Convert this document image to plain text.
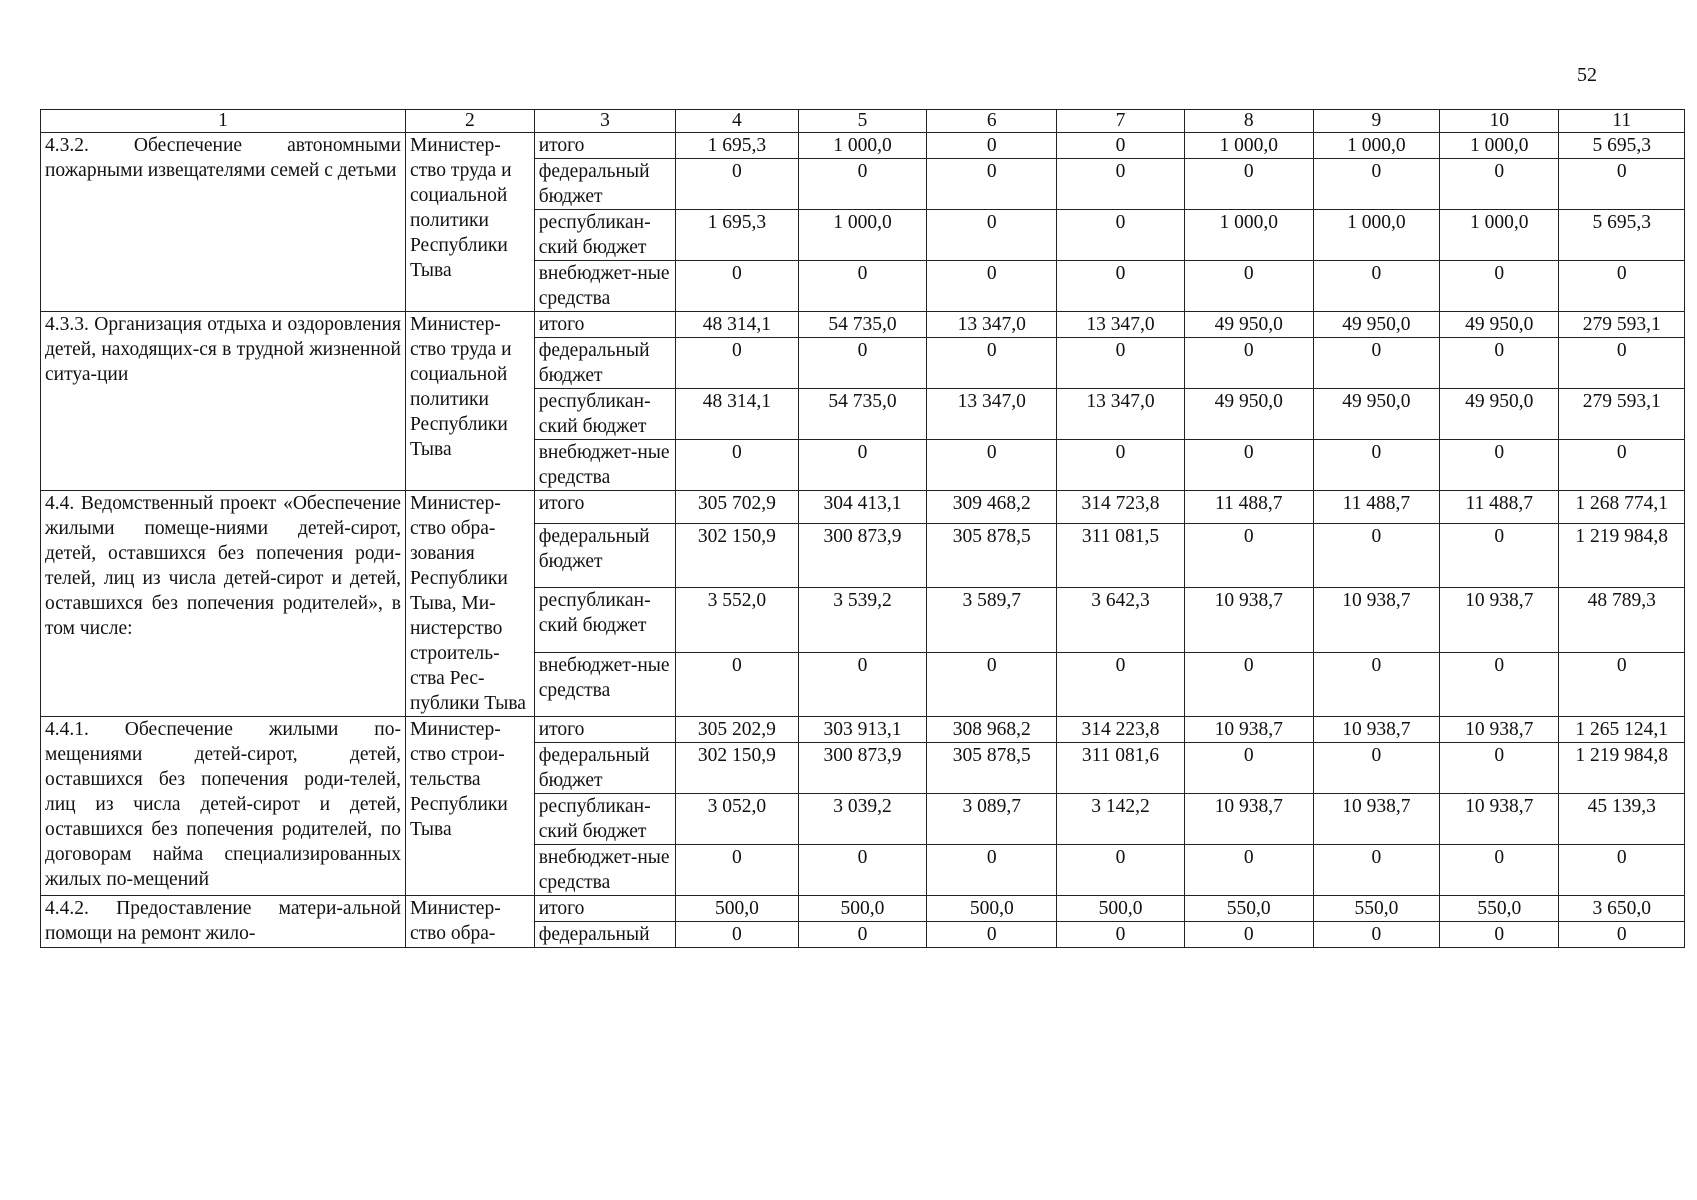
52
1	2	3	4	5	6	7	8	9	10	11
4.3.2. Обеспечение автономными пожарными извещателями семей с детьми	Министер-ство труда и социальной политики Республики Тыва	итого	1 695,3	1 000,0	0	0	1 000,0	1 000,0	1 000,0	5 695,3
		федеральный бюджет	0	0	0	0	0	0	0	0
		республикан-ский бюджет	1 695,3	1 000,0	0	0	1 000,0	1 000,0	1 000,0	5 695,3
		внебюджет-ные средства	0	0	0	0	0	0	0	0
4.3.3. Организация отдыха и оздоровления детей, находящих-ся в трудной жизненной ситуа-ции	Министер-ство труда и социальной политики Республики Тыва	итого	48 314,1	54 735,0	13 347,0	13 347,0	49 950,0	49 950,0	49 950,0	279 593,1
		федеральный бюджет	0	0	0	0	0	0	0	0
		республикан-ский бюджет	48 314,1	54 735,0	13 347,0	13 347,0	49 950,0	49 950,0	49 950,0	279 593,1
		внебюджет-ные средства	0	0	0	0	0	0	0	0
4.4. Ведомственный проект «Обеспечение жилыми помеще-ниями детей-сирот, детей, оставшихся без попечения роди-телей, лиц из числа детей-сирот и детей, оставшихся без попечения родителей», в том числе:	Министер-ство обра-зования Республики Тыва, Ми-нистерство строитель-ства Рес-публики Тыва	итого	305 702,9	304 413,1	309 468,2	314 723,8	11 488,7	11 488,7	11 488,7	1 268 774,1
		федеральный бюджет	302 150,9	300 873,9	305 878,5	311 081,5	0	0	0	1 219 984,8
		республикан-ский бюджет	3 552,0	3 539,2	3 589,7	3 642,3	10 938,7	10 938,7	10 938,7	48 789,3
		внебюджет-ные средства	0	0	0	0	0	0	0	0
4.4.1. Обеспечение жилыми по-мещениями детей-сирот, детей, оставшихся без попечения роди-телей, лиц из числа детей-сирот и детей, оставшихся без попечения родителей, по договорам найма специализированных жилых по-мещений	Министер-ство строи-тельства Республики Тыва	итого	305 202,9	303 913,1	308 968,2	314 223,8	10 938,7	10 938,7	10 938,7	1 265 124,1
		федеральный бюджет	302 150,9	300 873,9	305 878,5	311 081,6	0	0	0	1 219 984,8
		республикан-ский бюджет	3 052,0	3 039,2	3 089,7	3 142,2	10 938,7	10 938,7	10 938,7	45 139,3
		внебюджет-ные средства	0	0	0	0	0	0	0	0
4.4.2. Предоставление матери-альной помощи на ремонт жило-	Министер-ство обра-	итого	500,0	500,0	500,0	500,0	550,0	550,0	550,0	3 650,0
		федеральный	0	0	0	0	0	0	0	0
